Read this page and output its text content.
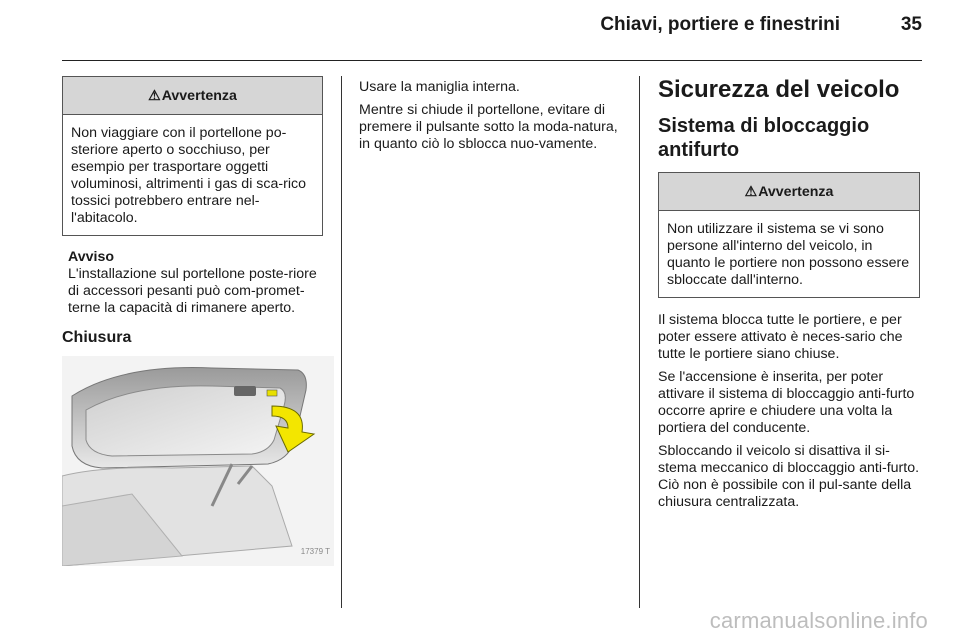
Chiavi, portiere e finestrini	35
⚠Avvertenza
Non viaggiare con il portellone po-steriore aperto o socchiuso, per esempio per trasportare oggetti voluminosi, altrimenti i gas di sca-rico tossici potrebbero entrare nel-l'abitacolo.
Avviso
L'installazione sul portellone poste-riore di accessori pesanti può com-prometterne la capacità di rimanere aperto.
Chiusura
17379 T

Usare la maniglia interna.

Mentre si chiude il portellone, evitare di premere il pulsante sotto la moda-natura, in quanto ciò lo sblocca nuo-vamente.

Sicurezza del veicolo
Sistema di bloccaggio antifurto
⚠Avvertenza
Non utilizzare il sistema se vi sono persone all'interno del veicolo, in quanto le portiere non possono essere sbloccate dall'interno.

Il sistema blocca tutte le portiere, e per poter essere attivato è neces-sario che tutte le portiere siano chiuse.

Se l'accensione è inserita, per poter attivare il sistema di bloccaggio anti-furto occorre aprire e chiudere una volta la portiera del conducente.

Sbloccando il veicolo si disattiva il si-stema meccanico di bloccaggio anti-furto. Ciò non è possibile con il pul-sante della chiusura centralizzata.

carmanualsonline.info
